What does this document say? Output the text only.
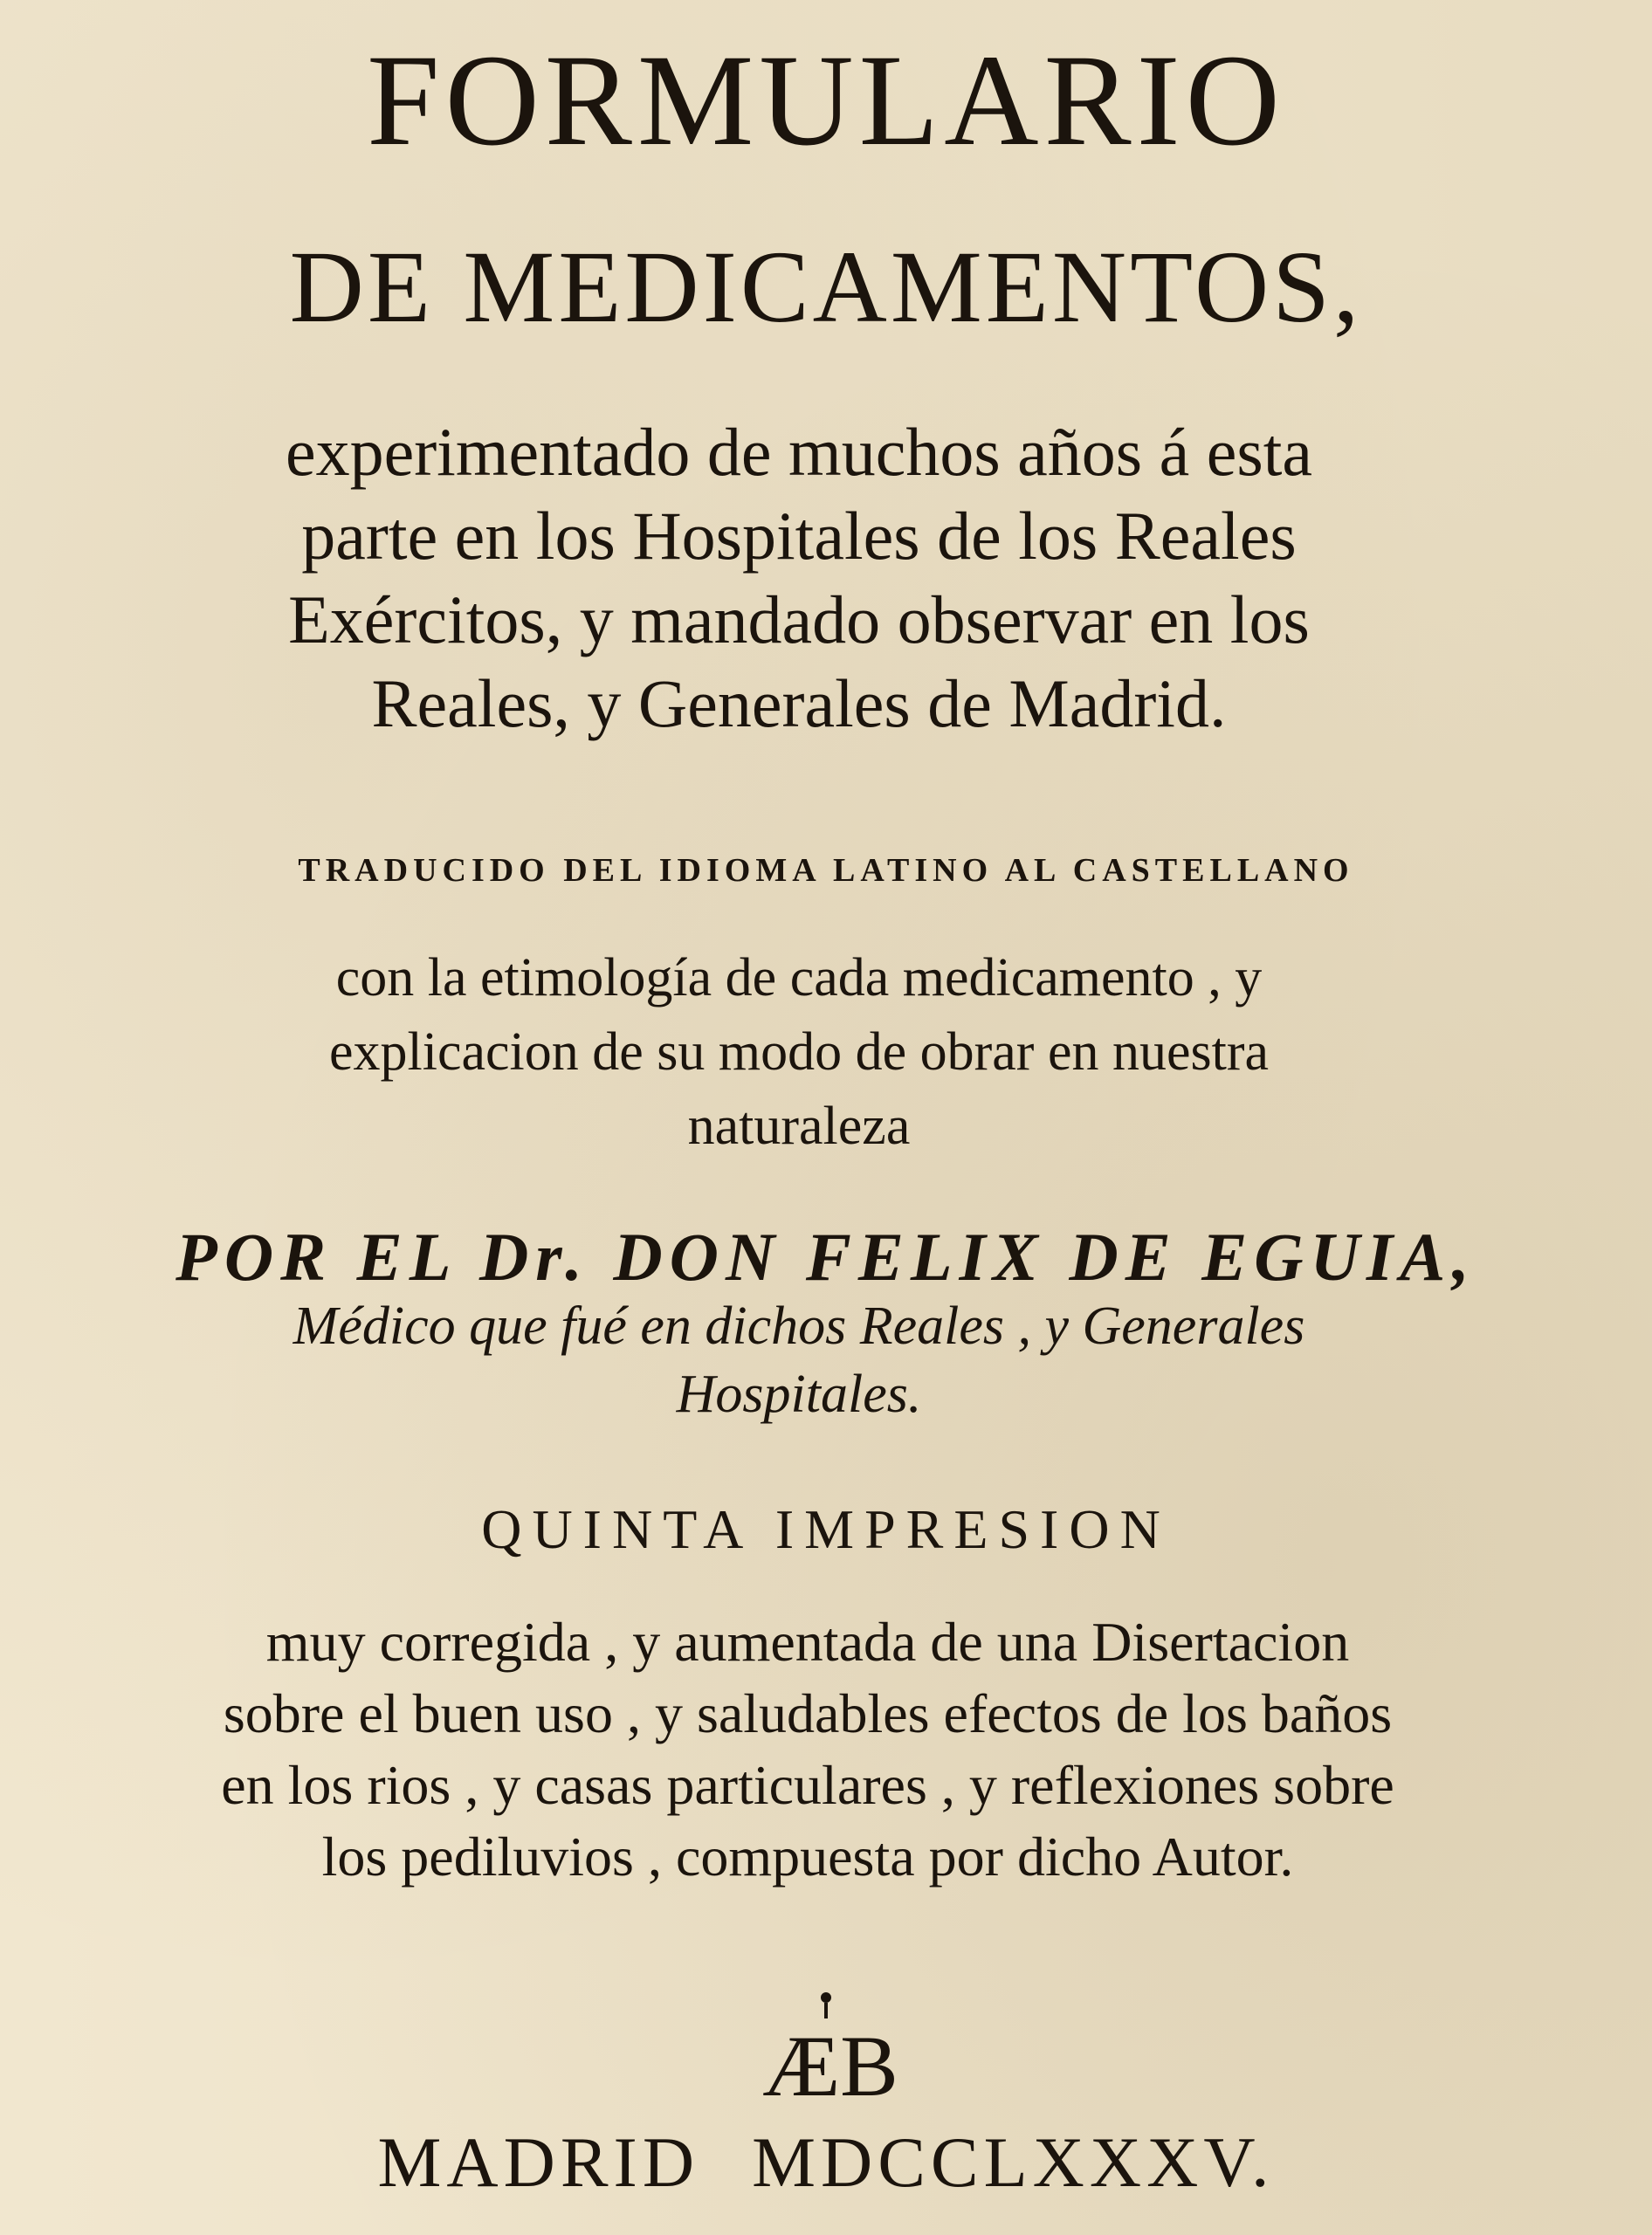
FORMULARIO
DE MEDICAMENTOS,
experimentado de muchos años á esta
parte en los Hospitales de los Reales
Exércitos, y mandado observar en los
Reales, y Generales de Madrid.
TRADUCIDO DEL IDIOMA LATINO AL CASTELLANO
con la etimología de cada medicamento , y
explicacion de su modo de obrar en nuestra
naturaleza
POR EL Dr. DON FELIX DE EGUIA,
Médico que fué en dichos Reales , y Generales
Hospitales.
QUINTA IMPRESION
muy corregida , y aumentada de una Disertacion
sobre el buen uso , y saludables efectos de los baños
en los rios , y casas particulares , y reflexiones sobre
los pediluvios , compuesta por dicho Autor.
ÆB
MADRID MDCCLXXXV.
